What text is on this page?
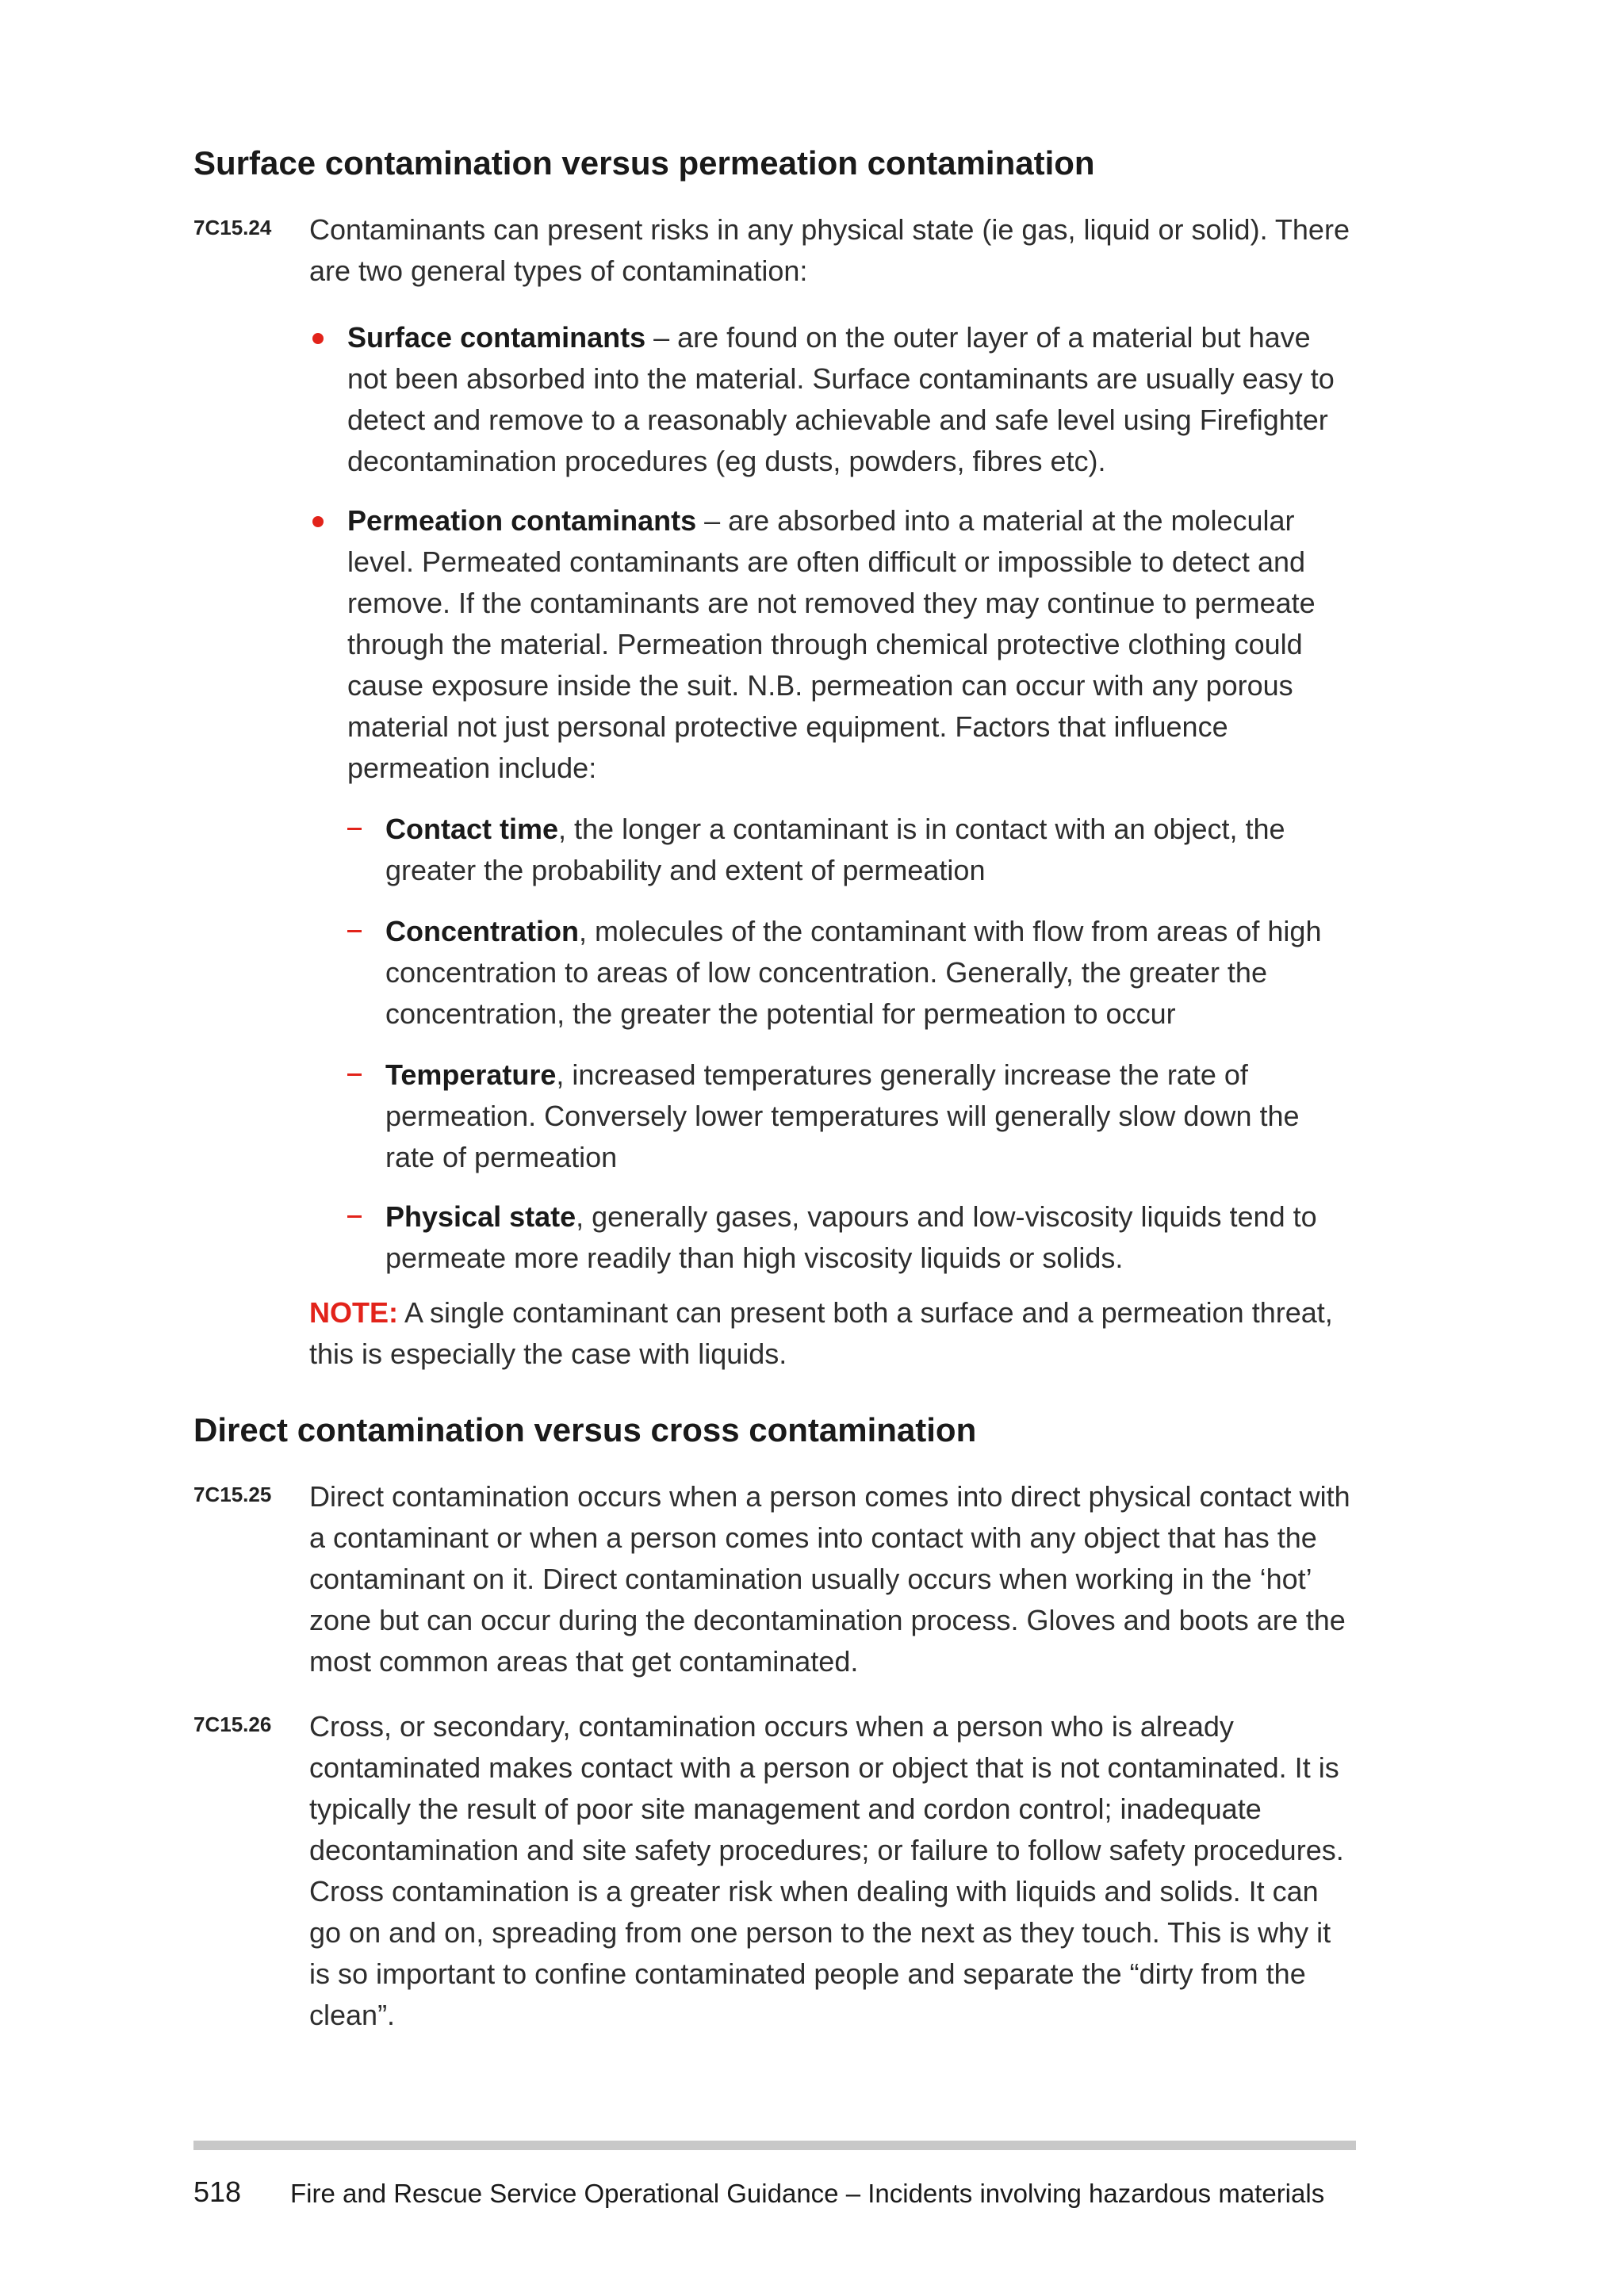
Surface contamination versus permeation contamination
7C15.24 Contaminants can present risks in any physical state (ie gas, liquid or solid). There are two general types of contamination:
Surface contaminants – are found on the outer layer of a material but have not been absorbed into the material. Surface contaminants are usually easy to detect and remove to a reasonably achievable and safe level using Firefighter decontamination procedures (eg dusts, powders, fibres etc).
Permeation contaminants – are absorbed into a material at the molecular level. Permeated contaminants are often difficult or impossible to detect and remove. If the contaminants are not removed they may continue to permeate through the material. Permeation through chemical protective clothing could cause exposure inside the suit. N.B. permeation can occur with any porous material not just personal protective equipment. Factors that influence permeation include:
Contact time, the longer a contaminant is in contact with an object, the greater the probability and extent of permeation
Concentration, molecules of the contaminant with flow from areas of high concentration to areas of low concentration. Generally, the greater the concentration, the greater the potential for permeation to occur
Temperature, increased temperatures generally increase the rate of permeation. Conversely lower temperatures will generally slow down the rate of permeation
Physical state, generally gases, vapours and low-viscosity liquids tend to permeate more readily than high viscosity liquids or solids.
NOTE: A single contaminant can present both a surface and a permeation threat, this is especially the case with liquids.
Direct contamination versus cross contamination
7C15.25 Direct contamination occurs when a person comes into direct physical contact with a contaminant or when a person comes into contact with any object that has the contaminant on it. Direct contamination usually occurs when working in the ‘hot’ zone but can occur during the decontamination process. Gloves and boots are the most common areas that get contaminated.
7C15.26 Cross, or secondary, contamination occurs when a person who is already contaminated makes contact with a person or object that is not contaminated. It is typically the result of poor site management and cordon control; inadequate decontamination and site safety procedures; or failure to follow safety procedures. Cross contamination is a greater risk when dealing with liquids and solids. It can go on and on, spreading from one person to the next as they touch. This is why it is so important to confine contaminated people and separate the “dirty from the clean”.
518 Fire and Rescue Service Operational Guidance – Incidents involving hazardous materials
